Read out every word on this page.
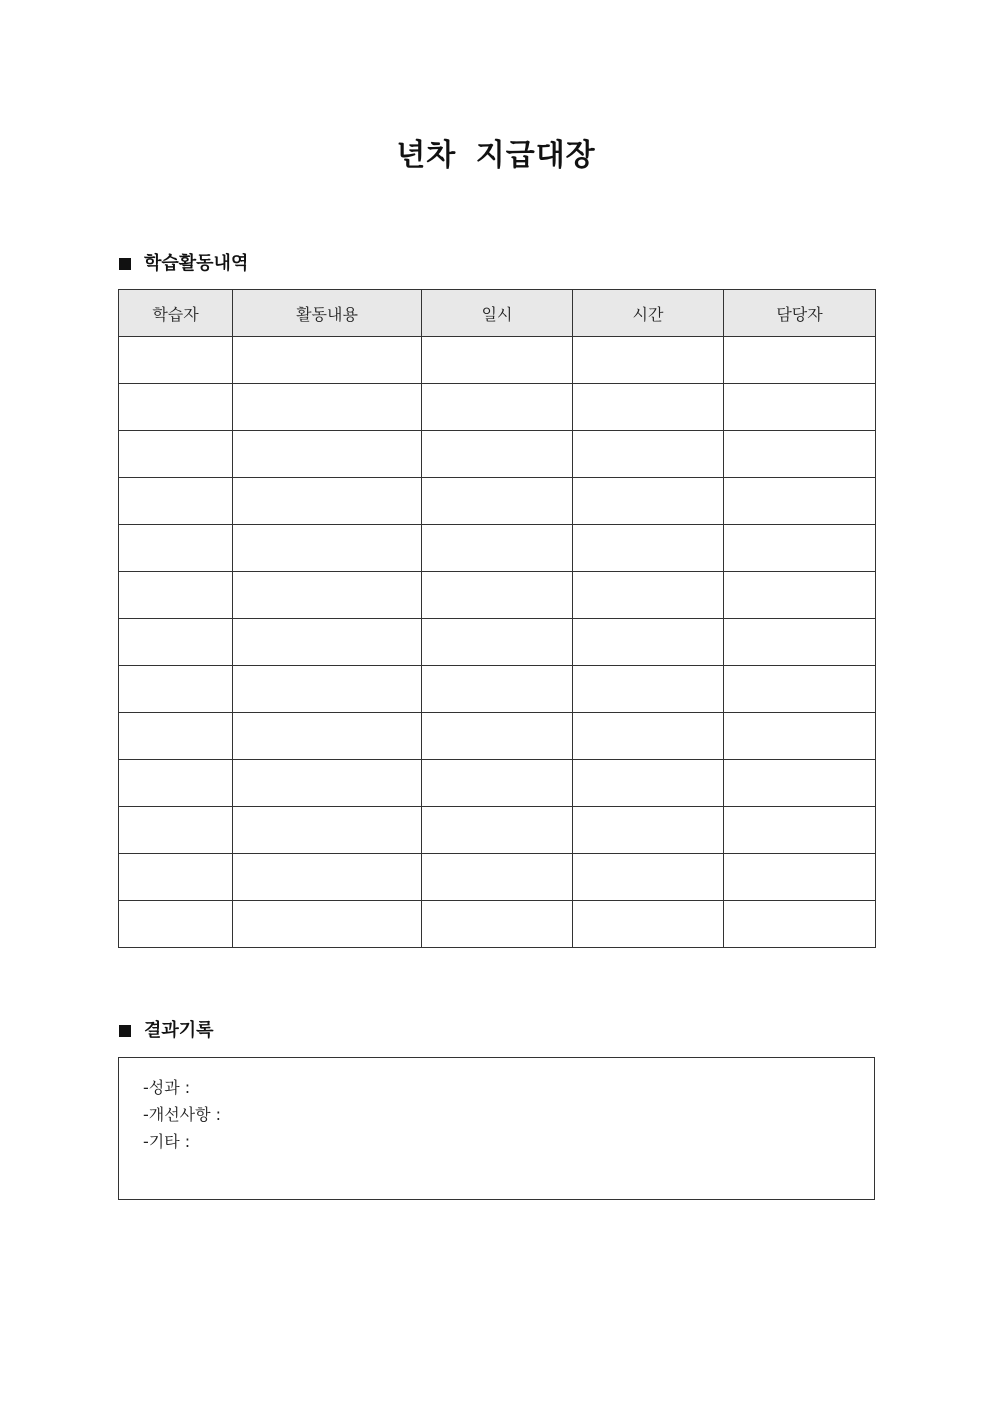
년차 지급대장
학습활동내역
학습자	활동내용	일시	시간	담당자

결과기록
-성과 :
-개선사항 :
-기타 :
